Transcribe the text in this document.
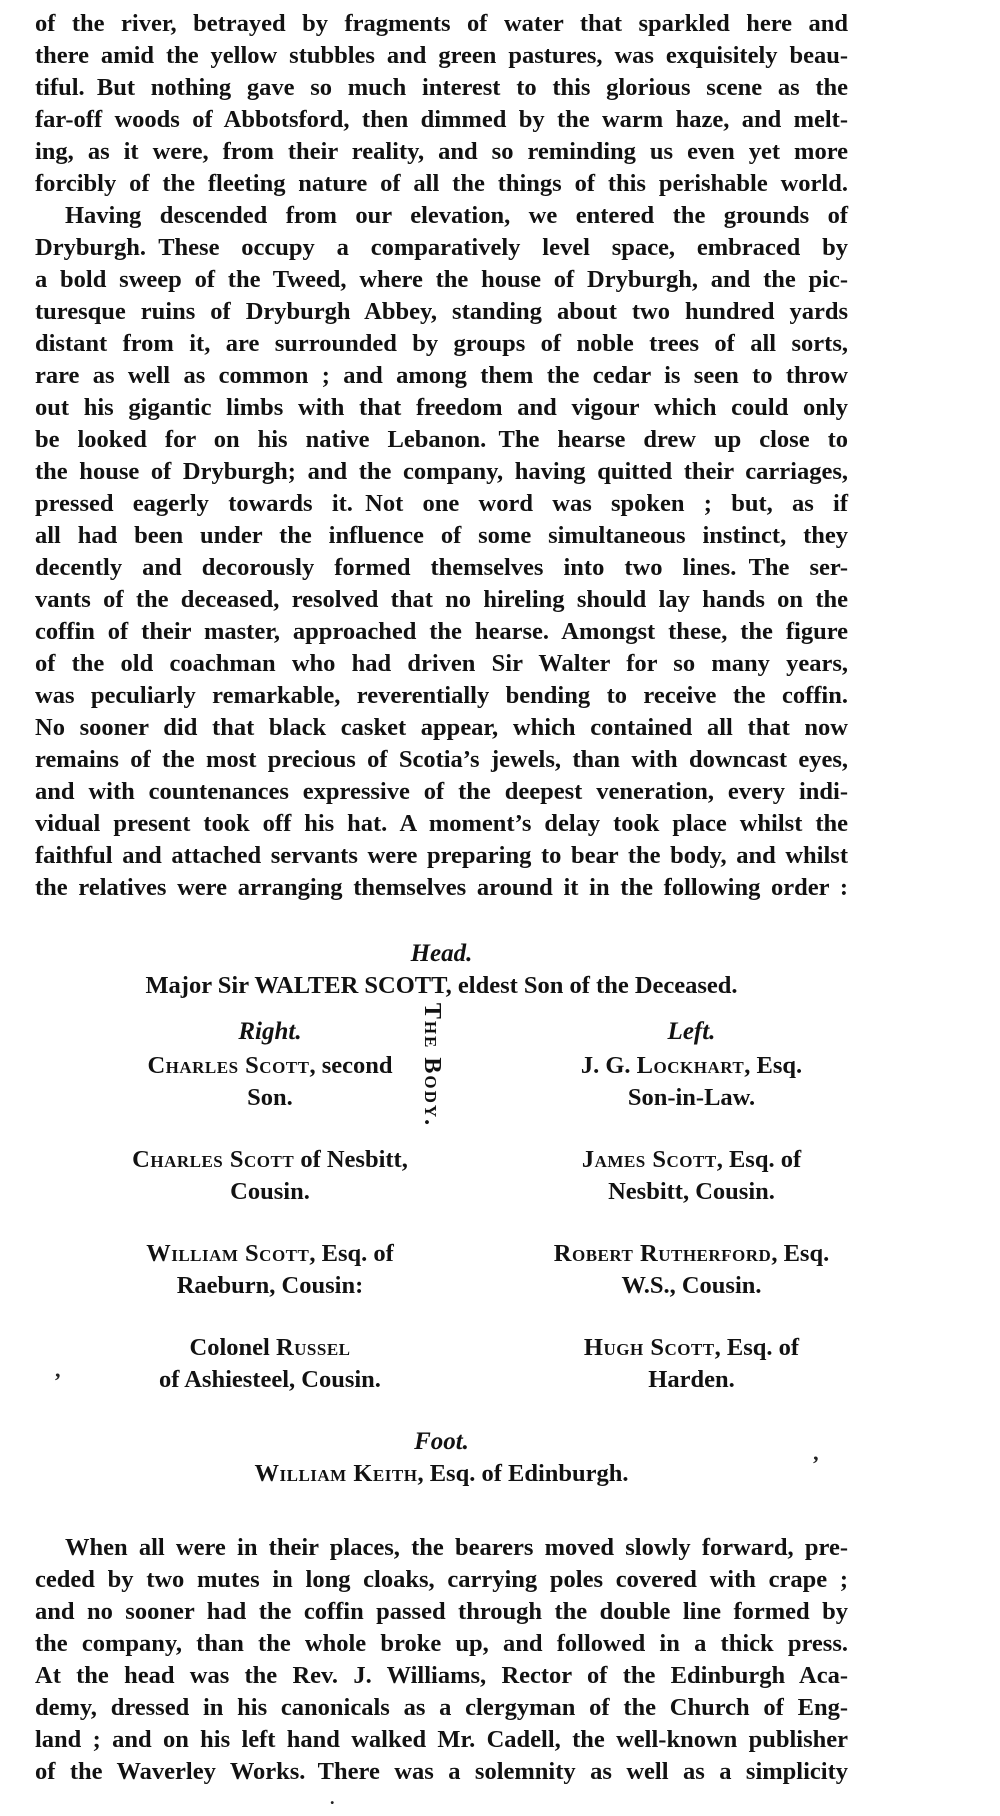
of the river, betrayed by fragments of water that sparkled here and
there amid the yellow stubbles and green pastures, was exquisitely beau-
tiful. But nothing gave so much interest to this glorious scene as the
far-off woods of Abbotsford, then dimmed by the warm haze, and melt-
ing, as it were, from their reality, and so reminding us even yet more
forcibly of the fleeting nature of all the things of this perishable world.
Having descended from our elevation, we entered the grounds of
Dryburgh. These occupy a comparatively level space, embraced by
a bold sweep of the Tweed, where the house of Dryburgh, and the pic-
turesque ruins of Dryburgh Abbey, standing about two hundred yards
distant from it, are surrounded by groups of noble trees of all sorts,
rare as well as common ; and among them the cedar is seen to throw
out his gigantic limbs with that freedom and vigour which could only
be looked for on his native Lebanon. The hearse drew up close to
the house of Dryburgh; and the company, having quitted their carriages,
pressed eagerly towards it. Not one word was spoken ; but, as if
all had been under the influence of some simultaneous instinct, they
decently and decorously formed themselves into two lines. The ser-
vants of the deceased, resolved that no hireling should lay hands on the
coffin of their master, approached the hearse. Amongst these, the figure
of the old coachman who had driven Sir Walter for so many years,
was peculiarly remarkable, reverentially bending to receive the coffin.
No sooner did that black casket appear, which contained all that now
remains of the most precious of Scotia’s jewels, than with downcast eyes,
and with countenances expressive of the deepest veneration, every indi-
vidual present took off his hat. A moment’s delay took place whilst the
faithful and attached servants were preparing to bear the body, and whilst
the relatives were arranging themselves around it in the following order :
Head.
Major Sir WALTER SCOTT, eldest Son of the Deceased.
Right.	Left.
Charles Scott, second
Son.
J. G. Lockhart, Esq.
Son-in-Law.
Charles Scott of Nesbitt,
Cousin.
James Scott, Esq. of
Nesbitt, Cousin.
William Scott, Esq. of
Raeburn, Cousin:
Robert Rutherford, Esq.
W.S., Cousin.
Colonel Russel
of Ashiesteel, Cousin.
Hugh Scott, Esq. of
Harden.
The Body.
Foot.
William Keith, Esq. of Edinburgh.
When all were in their places, the bearers moved slowly forward, pre-
ceded by two mutes in long cloaks, carrying poles covered with crape ;
and no sooner had the coffin passed through the double line formed by
the company, than the whole broke up, and followed in a thick press.
At the head was the Rev. J. Williams, Rector of the Edinburgh Aca-
demy, dressed in his canonicals as a clergyman of the Church of Eng-
land ; and on his left hand walked Mr. Cadell, the well-known publisher
of the Waverley Works. There was a solemnity as well as a simplicity
,
’
.
